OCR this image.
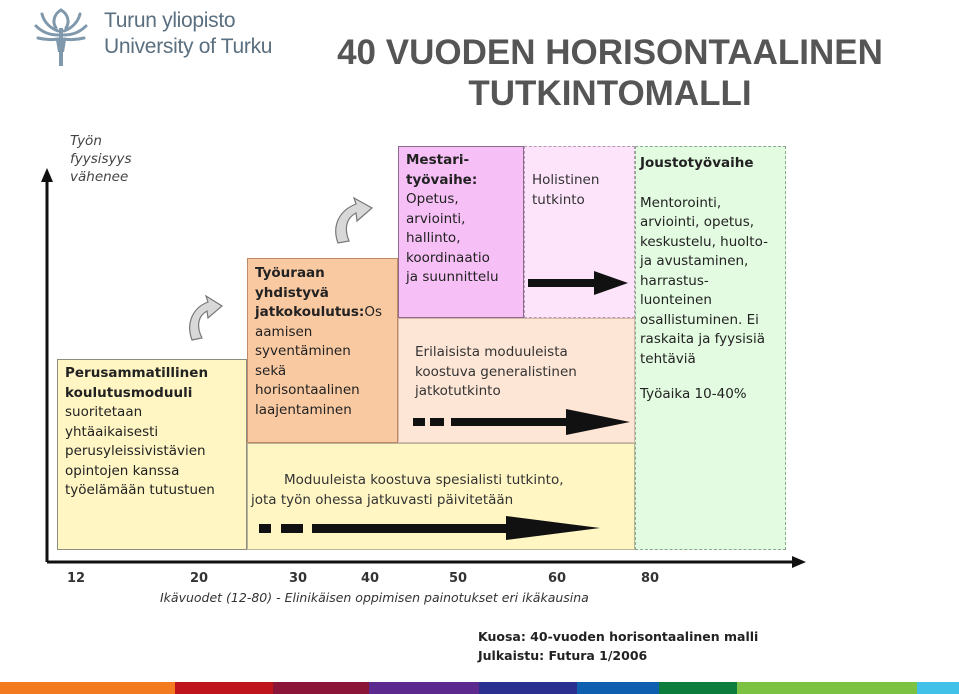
Turun yliopisto
University of Turku	40 VUODEN HORISONTAALINEN
TUTKINTOMALLI
Työn
fyysisyys
vähenee
Perusammatillinen
koulutusmoduuli
suoritetaan
yhtäaikaisesti
perusyleissivistävien
opintojen kanssa
työelämään tutustuen
Työuraan
yhdistyvä
jatkokoulutus:Os
aamisen
syventäminen
sekä
horisontaalinen
laajentaminen
Mestari-
työvaihe:
Opetus,
arviointi,
hallinto,
koordinaatio
ja suunnittelu
Holistinen
tutkinto
Joustotyövaihe
Mentorointi,
arviointi, opetus,
keskustelu, huolto-
ja avustaminen,
harrastus-
luonteinen
osallistuminen. Ei
raskaita ja fyysisiä
tehtäviä
Työaika 10-40%
Erilaisista moduuleista
koostuva generalistinen
jatkotutkinto
Moduuleista koostuva spesialisti tutkinto,
jota työn ohessa jatkuvasti päivitetään
12	20	30	40	50	60	80
Ikävuodet (12-80) - Elinikäisen oppimisen painotukset eri ikäkausina
Kuosa: 40-vuoden horisontaalinen malli
Julkaistu: Futura 1/2006
